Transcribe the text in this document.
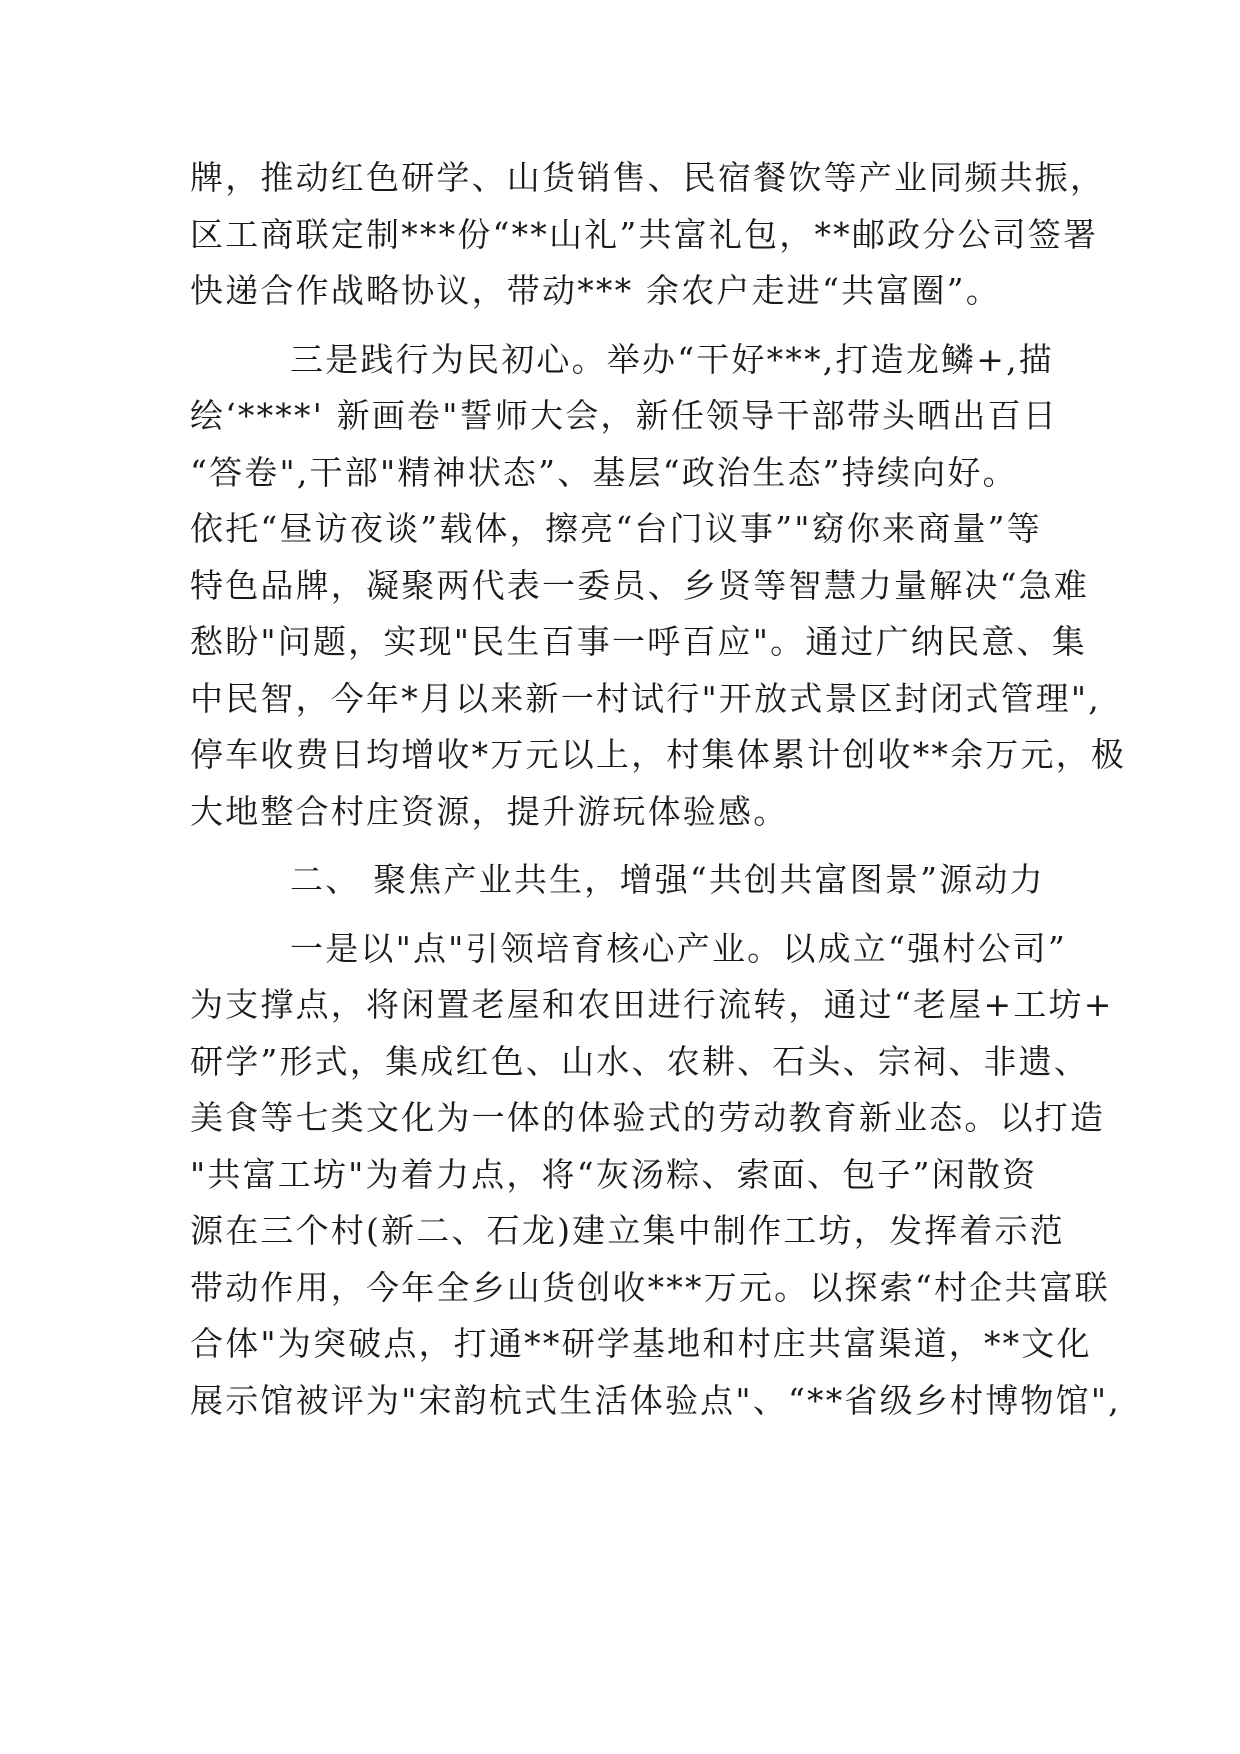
牌，推动红色研学、山货销售、民宿餐饮等产业同频共振，

区工商联定制***份“**山礼”共富礼包，**邮政分公司签署

快递合作战略协议，带动*** 余农户走进“共富圈”。

三是践行为民初心。举办“干好***,打造龙鳞+,描

绘‘****' 新画卷"誓师大会，新任领导干部带头晒出百日

“答卷",干部"精神状态”、基层“政治生态”持续向好。

依托“昼访夜谈”载体，擦亮“台门议事”"窈你来商量”等

特色品牌，凝聚两代表一委员、乡贤等智慧力量解决“急难

愁盼"问题，实现"民生百事一呼百应"。通过广纳民意、集

中民智，今年*月以来新一村试行"开放式景区封闭式管理",

停车收费日均增收*万元以上，村集体累计创收**余万元，极

大地整合村庄资源，提升游玩体验感。

二、 聚焦产业共生，增强“共创共富图景”源动力

一是以"点"引领培育核心产业。以成立“强村公司”

为支撑点，将闲置老屋和农田进行流转，通过“老屋+工坊+

研学”形式，集成红色、山水、农耕、石头、宗祠、非遗、

美食等七类文化为一体的体验式的劳动教育新业态。以打造

"共富工坊"为着力点，将“灰汤粽、索面、包子”闲散资

源在三个村(新二、石龙)建立集中制作工坊，发挥着示范

带动作用，今年全乡山货创收***万元。以探索“村企共富联

合体"为突破点，打通**研学基地和村庄共富渠道，**文化

展示馆被评为"宋韵杭式生活体验点"、“**省级乡村博物馆",
